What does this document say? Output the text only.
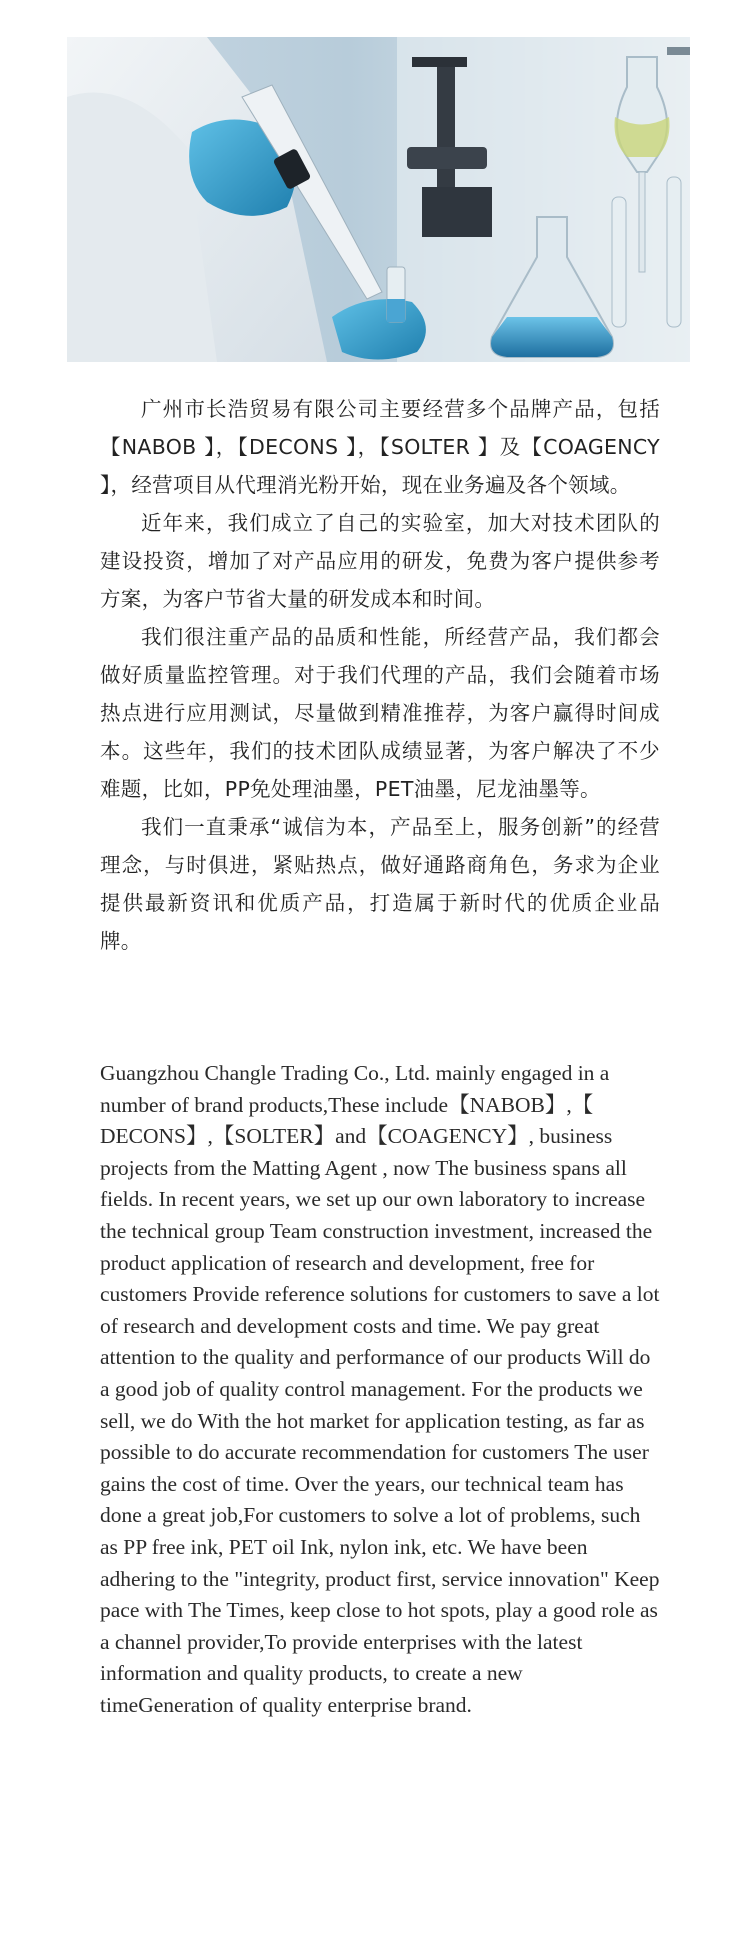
广州市长浩贸易有限公司主要经营多个品牌产品，包括【NABOB 】，【DECONS 】，【SOLTER 】及【COAGENCY 】，经营项目从代理消光粉开始，现在业务遍及各个领域。

近年来，我们成立了自己的实验室，加大对技术团队的建设投资，增加了对产品应用的研发，免费为客户提供参考方案，为客户节省大量的研发成本和时间。

我们很注重产品的品质和性能，所经营产品，我们都会做好质量监控管理。对于我们代理的产品，我们会随着市场热点进行应用测试，尽量做到精准推荐，为客户赢得时间成本。这些年，我们的技术团队成绩显著，为客户解决了不少难题，比如，PP免处理油墨，PET油墨，尼龙油墨等。

我们一直秉承“诚信为本，产品至上，服务创新”的经营理念，与时俱进，紧贴热点，做好通路商角色，务求为企业提供最新资讯和优质产品，打造属于新时代的优质企业品牌。

Guangzhou Changle Trading Co., Ltd. mainly engaged in a number of brand products,These include【NABOB】,【 DECONS】,【SOLTER】and【COAGENCY】, business projects from the Matting Agent , now The business spans all fields. In recent years, we set up our own laboratory to increase the technical group Team construction investment, increased the product application of research and development, free for customers Provide reference solutions for customers to save a lot of research and development costs and time. We pay great attention to the quality and performance of our products Will do a good job of quality control management. For the products we sell, we do With the hot market for application testing, as far as possible to do accurate recommendation for customers The user gains the cost of time. Over the years, our technical team has done a great job,For customers to solve a lot of problems, such as PP free ink, PET oil Ink, nylon ink, etc. We have been adhering to the "integrity, product first, service innovation" Keep pace with The Times, keep close to hot spots, play a good role as a channel provider,To provide enterprises with the latest information and quality products, to create a new timeGeneration of quality enterprise brand.
